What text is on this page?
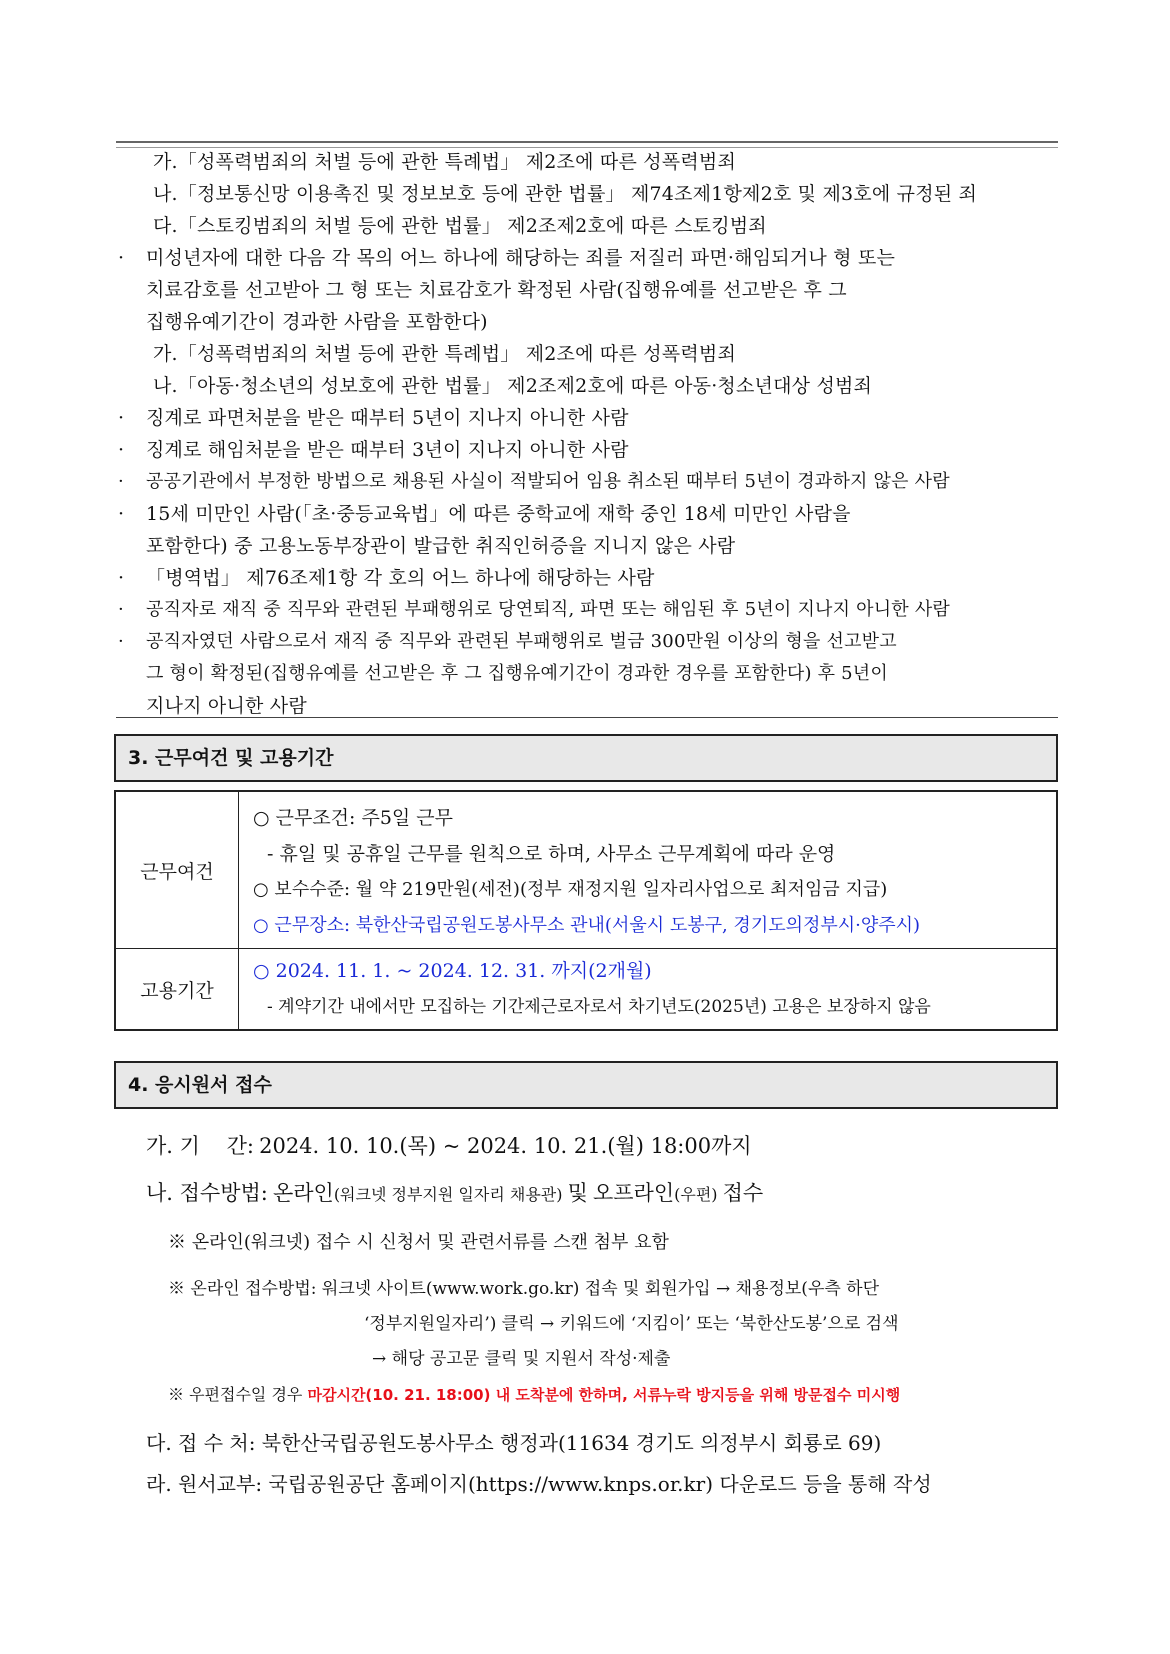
가.「성폭력범죄의 처벌 등에 관한 특례법」 제2조에 따른 성폭력범죄
나.「정보통신망 이용촉진 및 정보보호 등에 관한 법률」 제74조제1항제2호 및 제3호에 규정된 죄
다.「스토킹범죄의 처벌 등에 관한 법률」 제2조제2호에 따른 스토킹범죄
· 미성년자에 대한 다음 각 목의 어느 하나에 해당하는 죄를 저질러 파면·해임되거나 형 또는
치료감호를 선고받아 그 형 또는 치료감호가 확정된 사람(집행유예를 선고받은 후 그
집행유예기간이 경과한 사람을 포함한다)
가.「성폭력범죄의 처벌 등에 관한 특례법」 제2조에 따른 성폭력범죄
나.「아동·청소년의 성보호에 관한 법률」 제2조제2호에 따른 아동·청소년대상 성범죄
· 징계로 파면처분을 받은 때부터 5년이 지나지 아니한 사람
· 징계로 해임처분을 받은 때부터 3년이 지나지 아니한 사람
· 공공기관에서 부정한 방법으로 채용된 사실이 적발되어 임용 취소된 때부터 5년이 경과하지 않은 사람
· 15세 미만인 사람(「초·중등교육법」에 따른 중학교에 재학 중인 18세 미만인 사람을
포함한다) 중 고용노동부장관이 발급한 취직인허증을 지니지 않은 사람
· 「병역법」 제76조제1항 각 호의 어느 하나에 해당하는 사람
· 공직자로 재직 중 직무와 관련된 부패행위로 당연퇴직, 파면 또는 해임된 후 5년이 지나지 아니한 사람
· 공직자였던 사람으로서 재직 중 직무와 관련된 부패행위로 벌금 300만원 이상의 형을 선고받고
그 형이 확정된(집행유예를 선고받은 후 그 집행유예기간이 경과한 경우를 포함한다) 후 5년이
지나지 아니한 사람
3. 근무여건 및 고용기간
근무여건	○ 근무조건: 주5일 근무
- 휴일 및 공휴일 근무를 원칙으로 하며, 사무소 근무계획에 따라 운영
○ 보수수준: 월 약 219만원(세전)(정부 재정지원 일자리사업으로 최저임금 지급)
○ 근무장소: 북한산국립공원도봉사무소 관내(서울시 도봉구, 경기도의정부시·양주시)

고용기간	○ 2024. 11. 1. ~ 2024. 12. 31. 까지(2개월)
- 계약기간 내에서만 모집하는 기간제근로자로서 차기년도(2025년) 고용은 보장하지 않음
4. 응시원서 접수
가. 기    간: 2024. 10. 10.(목) ~ 2024. 10. 21.(월) 18:00까지
나. 접수방법: 온라인(워크넷 정부지원 일자리 채용관) 및 오프라인(우편) 접수
※ 온라인(워크넷) 접수 시 신청서 및 관련서류를 스캔 첨부 요함
※ 온라인 접수방법: 워크넷 사이트(www.work.go.kr) 접속 및 회원가입 → 채용정보(우측 하단
‘정부지원일자리’) 클릭 → 키워드에 ‘지킴이’ 또는 ‘북한산도봉’으로 검색
→ 해당 공고문 클릭 및 지원서 작성·제출
※ 우편접수일 경우 마감시간(10. 21. 18:00) 내 도착분에 한하며, 서류누락 방지등을 위해 방문접수 미시행
다. 접 수 처: 북한산국립공원도봉사무소 행정과(11634 경기도 의정부시 회룡로 69)
라. 원서교부: 국립공원공단 홈페이지(https://www.knps.or.kr) 다운로드 등을 통해 작성
